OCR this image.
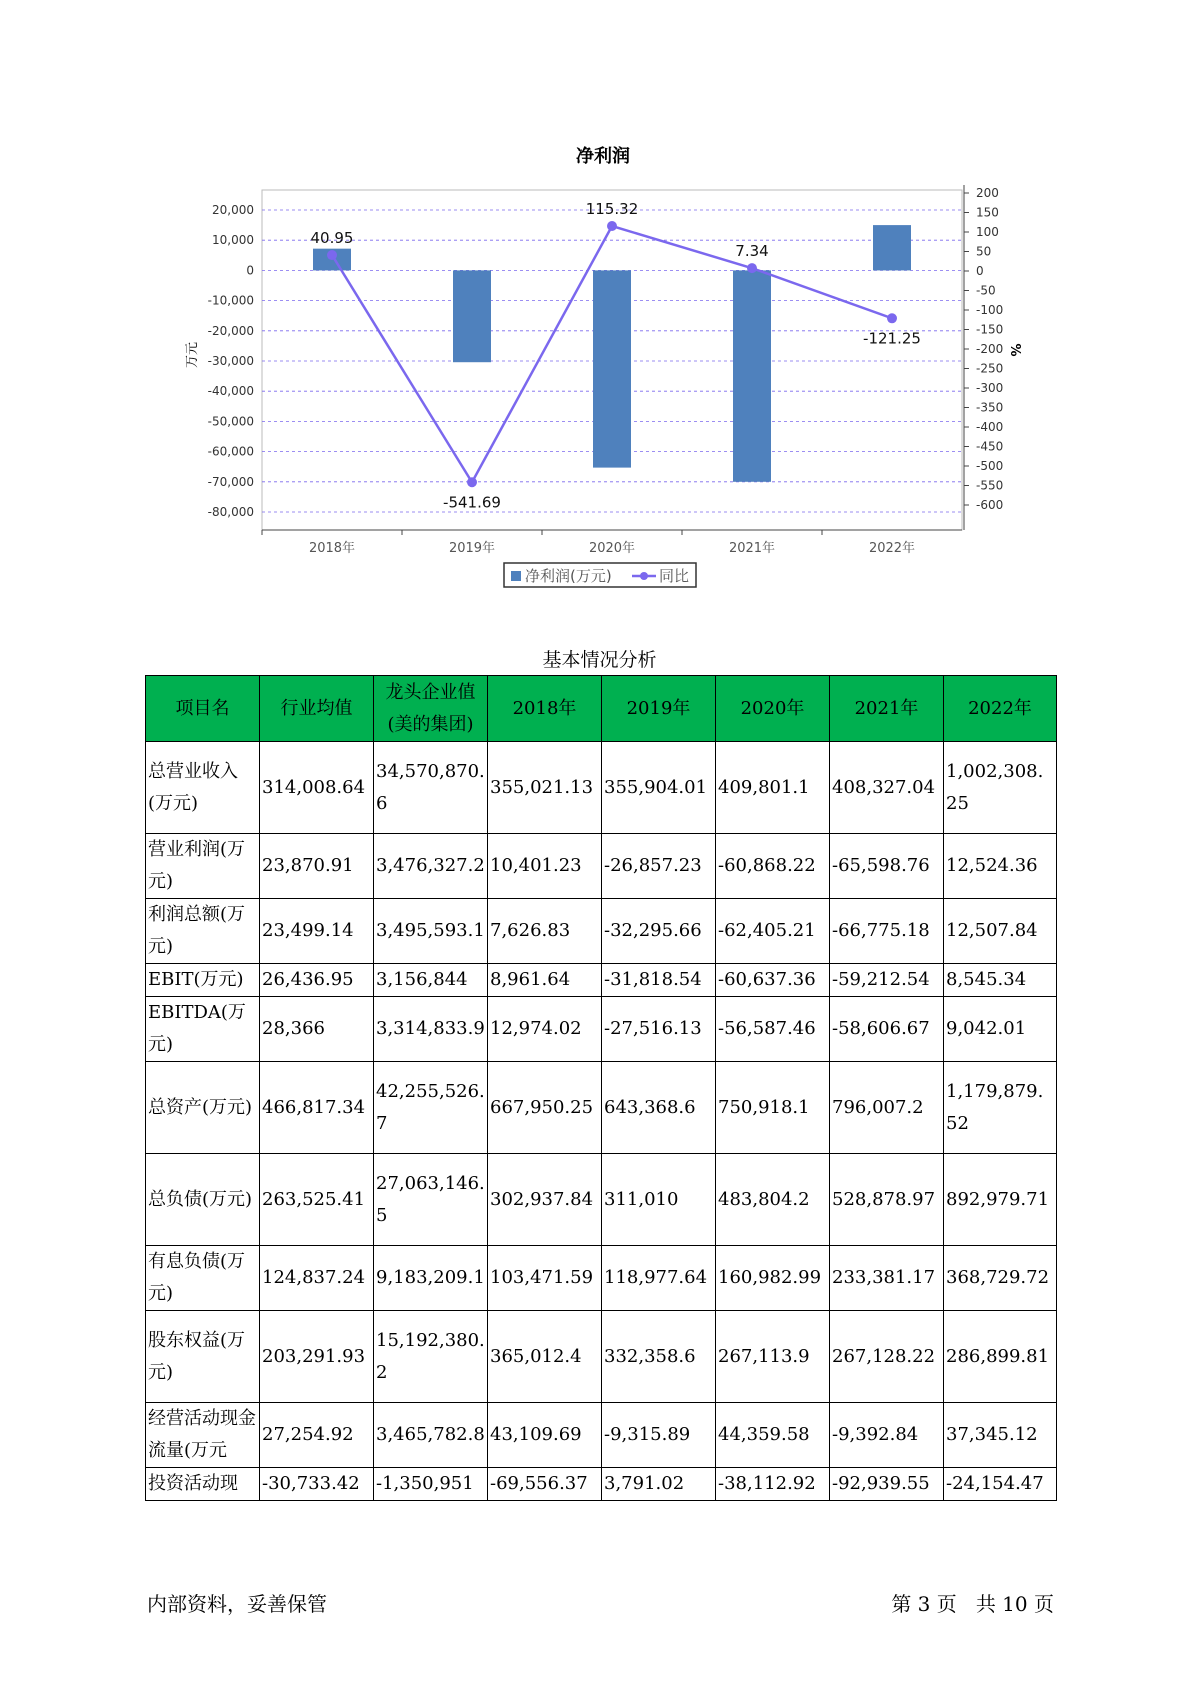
净利润
20,000
10,000
0
-10,000
-20,000
-30,000
-40,000
-50,000
-60,000
-70,000
-80,000
200
150
100
50
0
-50
-100
-150
-200
-250
-300
-350
-400
-450
-500
-550
-600
2018年	2019年	2020年	2021年	2022年
40.95
-541.69
115.32
7.34
-121.25
万元	%
净利润(万元)	同比
基本情况分析
项目名	行业均值	龙头企业值(美的集团)	2018年	2019年	2020年	2021年	2022年
总营业收入(万元)	314,008.64	34,570,870.6	355,021.13	355,904.01	409,801.1	408,327.04	1,002,308.25
营业利润(万元)	23,870.91	3,476,327.2	10,401.23	-26,857.23	-60,868.22	-65,598.76	12,524.36
利润总额(万元)	23,499.14	3,495,593.1	7,626.83	-32,295.66	-62,405.21	-66,775.18	12,507.84
EBIT(万元)	26,436.95	3,156,844	8,961.64	-31,818.54	-60,637.36	-59,212.54	8,545.34
EBITDA(万元)	28,366	3,314,833.9	12,974.02	-27,516.13	-56,587.46	-58,606.67	9,042.01
总资产(万元)	466,817.34	42,255,526.7	667,950.25	643,368.6	750,918.1	796,007.2	1,179,879.52
总负债(万元)	263,525.41	27,063,146.5	302,937.84	311,010	483,804.2	528,878.97	892,979.71
有息负债(万元)	124,837.24	9,183,209.1	103,471.59	118,977.64	160,982.99	233,381.17	368,729.72
股东权益(万元)	203,291.93	15,192,380.2	365,012.4	332,358.6	267,113.9	267,128.22	286,899.81
经营活动现金流量(万元	27,254.92	3,465,782.8	43,109.69	-9,315.89	44,359.58	-9,392.84	37,345.12
投资活动现	-30,733.42	-1,350,951	-69,556.37	3,791.02	-38,112.92	-92,939.55	-24,154.47
内部资料，妥善保管	第 3 页   共 10 页
